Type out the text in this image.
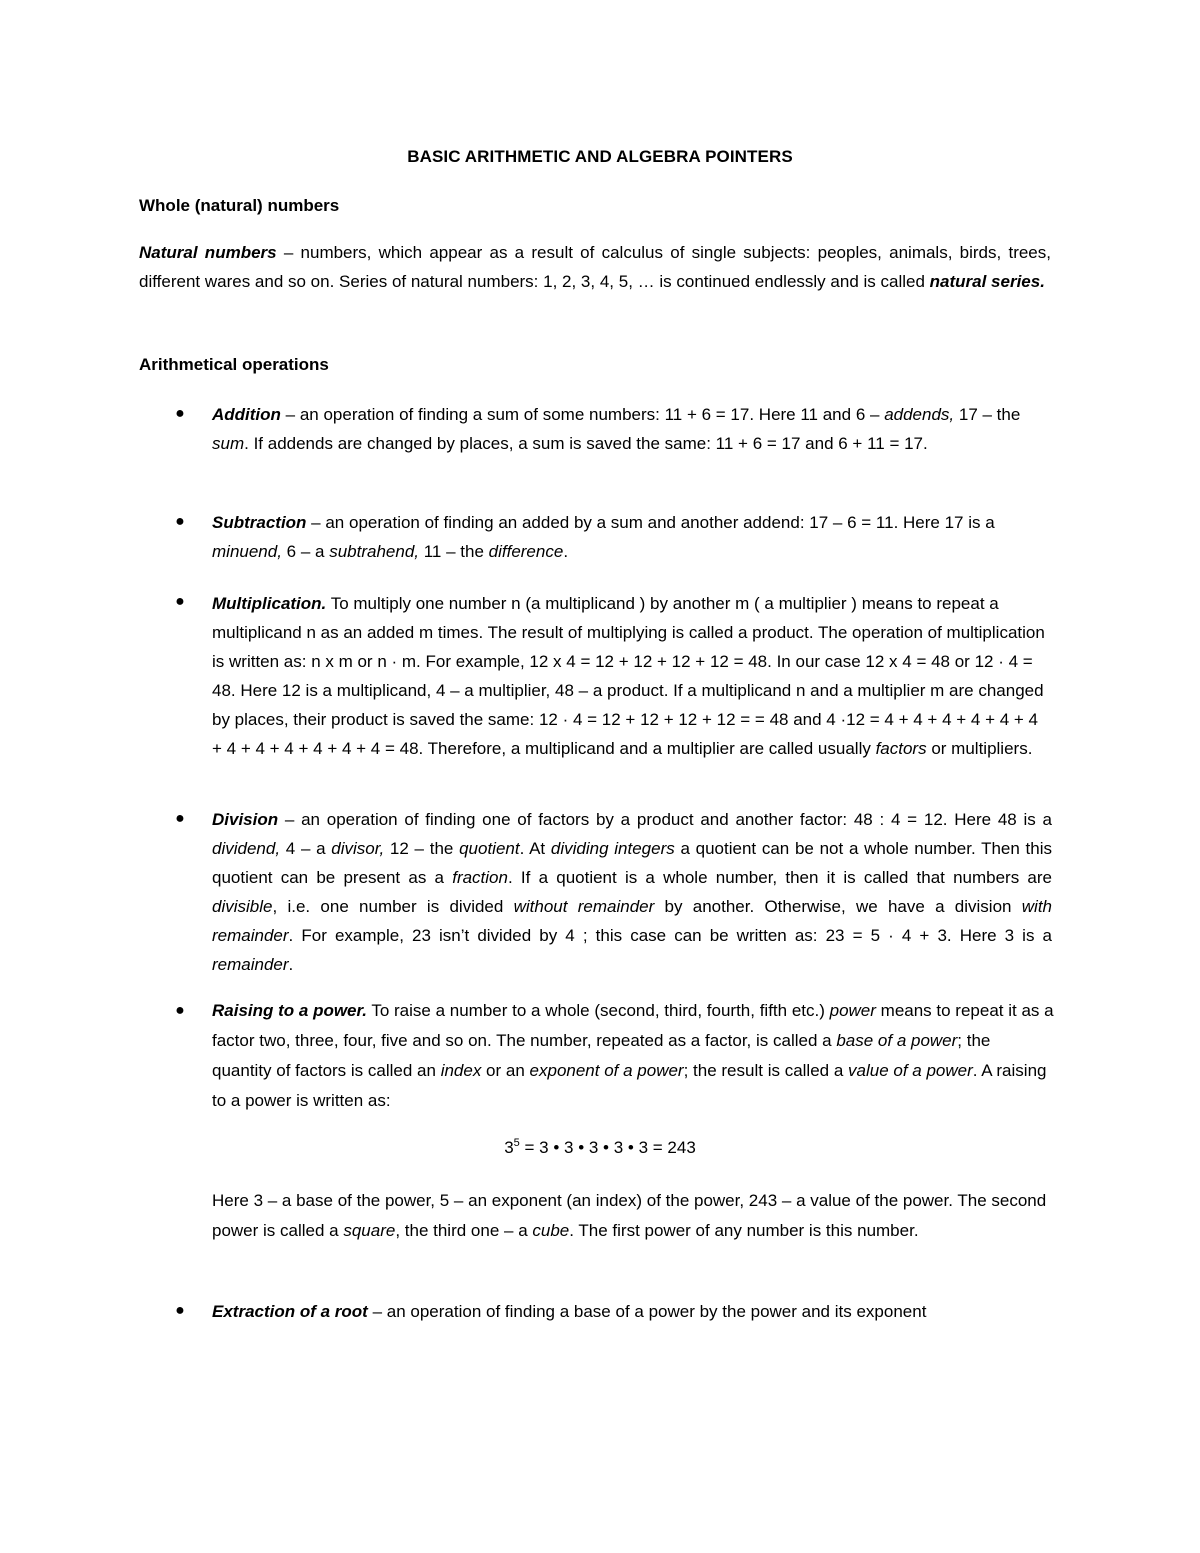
BASIC ARITHMETIC AND ALGEBRA POINTERS

Whole (natural) numbers

Natural numbers – numbers, which appear as a result of calculus of single subjects: peoples, animals, birds, trees, different wares and so on. Series of natural numbers: 1, 2, 3, 4, 5, … is continued endlessly and is called natural series.

Arithmetical operations

● Addition – an operation of finding a sum of some numbers: 11 + 6 = 17. Here 11 and 6 – addends, 17 – the sum. If addends are changed by places, a sum is saved the same: 11 + 6 = 17 and 6 + 11 = 17.

● Subtraction – an operation of finding an added by a sum and another addend: 17 – 6 = 11. Here 17 is a minuend, 6 – a subtrahend, 11 – the difference.

● Multiplication. To multiply one number n (a multiplicand ) by another m ( a multiplier ) means to repeat a multiplicand n as an added m times. The result of multiplying is called a product. The operation of multiplication is written as: n x m or n · m. For example, 12 x 4 = 12 + 12 + 12 + 12 = 48. In our case 12 x 4 = 48 or 12 · 4 = 48. Here 12 is a multiplicand, 4 – a multiplier, 48 – a product. If a multiplicand n and a multiplier m are changed by places, their product is saved the same: 12 · 4 = 12 + 12 + 12 + 12 = = 48 and 4 ·12 = 4 + 4 + 4 + 4 + 4 + 4 + 4 + 4 + 4 + 4 + 4 + 4 = 48. Therefore, a multiplicand and a multiplier are called usually factors or multipliers.

● Division – an operation of finding one of factors by a product and another factor: 48 : 4 = 12. Here 48 is a dividend, 4 – a divisor, 12 – the quotient. At dividing integers a quotient can be not a whole number. Then this quotient can be present as a fraction. If a quotient is a whole number, then it is called that numbers are divisible, i.e. one number is divided without remainder by another. Otherwise, we have a division with remainder. For example, 23 isn’t divided by 4 ; this case can be written as: 23 = 5 · 4 + 3. Here 3 is a remainder.

● Raising to a power. To raise a number to a whole (second, third, fourth, fifth etc.) power means to repeat it as a factor two, three, four, five and so on. The number, repeated as a factor, is called a base of a power; the quantity of factors is called an index or an exponent of a power; the result is called a value of a power. A raising to a power is written as:

$3^5 = 3$ • 3 • 3 • 3 • 3 = 243

Here 3 – a base of the power, 5 – an exponent (an index) of the power, 243 – a value of the power. The second power is called a square, the third one – a cube. The first power of any number is this number.

● Extraction of a root – an operation of finding a base of a power by the power and its exponent
